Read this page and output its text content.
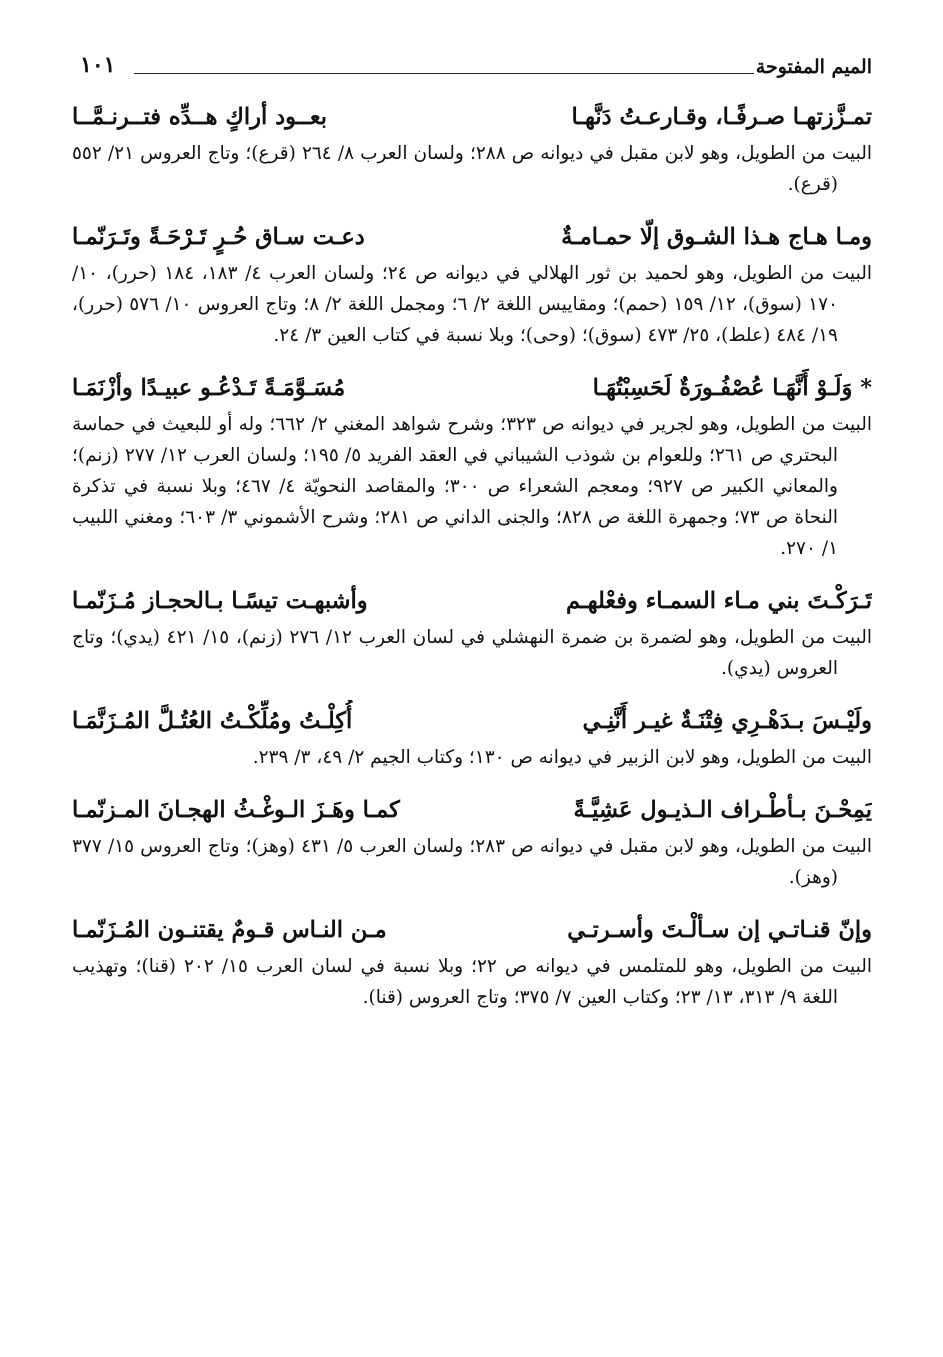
الميم المفتوحة
١٠١
تمـزَّزتهـا صـرفًـا، وقـارعـتُ دَنَّهـا
بعــود أراكٍ هــدِّه فتــرنـمَّــا

البيت من الطويل، وهو لابن مقبل في ديوانه ص ٢٨٨؛ ولسان العرب ٨/ ٢٦٤ (قرع)؛ وتاج العروس ٢١/ ٥٥٢ (قرع).

ومـا هـاج هـذا الشـوق إلّا حمـامـةٌ
دعـت سـاق حُـرٍ تَـرْحَـةً وتَـرَنّمـا

البيت من الطويل، وهو لحميد بن ثور الهلالي في ديوانه ص ٢٤؛ ولسان العرب ٤/ ١٨٣، ١٨٤ (حرر)، ١٠/ ١٧٠ (سوق)، ١٢/ ١٥٩ (حمم)؛ ومقاييس اللغة ٢/ ٦؛ ومجمل اللغة ٢/ ٨؛ وتاج العروس ١٠/ ٥٧٦ (حرر)، ١٩/ ٤٨٤ (علط)، ٢٥/ ٤٧٣ (سوق)؛ (وحى)؛ وبلا نسبة في كتاب العين ٣/ ٢٤.

* وَلَـوْ أَنَّهَـا عُصْفُـورَةٌ لَحَسِبْتُهَـا
مُسَـوَّمَـةً تَـدْعُـو عبيـدًا وأزْنَمَـا

البيت من الطويل، وهو لجرير في ديوانه ص ٣٢٣؛ وشرح شواهد المغني ٢/ ٦٦٢؛ وله أو للبعيث في حماسة البحتري ص ٢٦١؛ وللعوام بن شوذب الشيباني في العقد الفريد ٥/ ١٩٥؛ ولسان العرب ١٢/ ٢٧٧ (زنم)؛ والمعاني الكبير ص ٩٢٧؛ ومعجم الشعراء ص ٣٠٠؛ والمقاصد النحويّة ٤/ ٤٦٧؛ وبلا نسبة في تذكرة النحاة ص ٧٣؛ وجمهرة اللغة ص ٨٢٨؛ والجنى الداني ص ٢٨١؛ وشرح الأشموني ٣/ ٦٠٣؛ ومغني اللبيب ١/ ٢٧٠.

تَـرَكْـتَ بني مـاء السمـاء وفعْلهـم
وأشبهـت تيسًـا بـالحجـاز مُـزَنّمـا

البيت من الطويل، وهو لضمرة بن ضمرة النهشلي في لسان العرب ١٢/ ٢٧٦ (زنم)، ١٥/ ٤٢١ (يدي)؛ وتاج العروس (يدي).

ولَيْـسَ بـدَهْـرِي فِتْنَـةٌ غيـر أَنَّنِـي
أُكِلْـتُ ومُلِّكْـتُ العُتُـلَّ المُـزَنَّمَـا

البيت من الطويل، وهو لابن الزبير في ديوانه ص ١٣٠؛ وكتاب الجيم ٢/ ٤٩، ٣/ ٢٣٩.

يَمِحْـنَ بـأطْـراف الـذيـول عَشِيَّـةً
كمـا وهَـزَ الـوغْـثُ الهجـانَ المـزنّمـا

البيت من الطويل، وهو لابن مقبل في ديوانه ص ٢٨٣؛ ولسان العرب ٥/ ٤٣١ (وهز)؛ وتاج العروس ١٥/ ٣٧٧ (وهز).

وإنّ قنـاتـي إن سـألْـتَ وأسـرتـي
مـن النـاس قـومٌ يقتنـون المُـزَنّمـا

البيت من الطويل، وهو للمتلمس في ديوانه ص ٢٢؛ وبلا نسبة في لسان العرب ١٥/ ٢٠٢ (قنا)؛ وتهذيب اللغة ٩/ ٣١٣، ١٣/ ٢٣؛ وكتاب العين ٧/ ٣٧٥؛ وتاج العروس (قنا).
